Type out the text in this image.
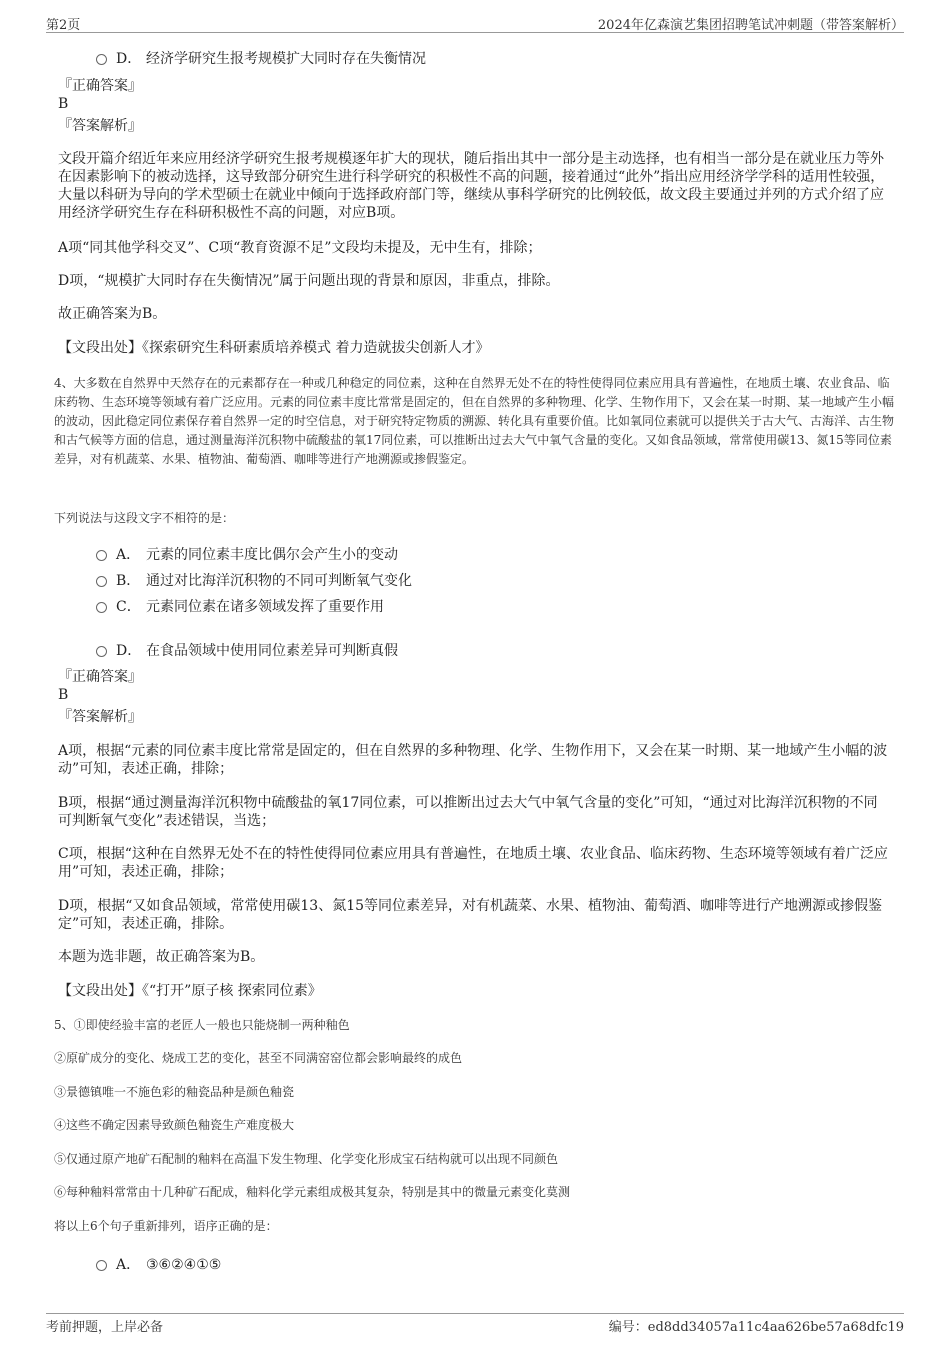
第2页	2024年亿森演艺集团招聘笔试冲刺题（带答案解析）
D． 经济学研究生报考规模扩大同时存在失衡情况
『正确答案』
B
『答案解析』
文段开篇介绍近年来应用经济学研究生报考规模逐年扩大的现状，随后指出其中一部分是主动选择，也有相当一部分是在就业压力等外在因素影响下的被动选择，这导致部分研究生进行科学研究的积极性不高的问题，接着通过“此外”指出应用经济学学科的适用性较强，大量以科研为导向的学术型硕士在就业中倾向于选择政府部门等，继续从事科学研究的比例较低，故文段主要通过并列的方式介绍了应用经济学研究生存在科研积极性不高的问题，对应B项。
A项“同其他学科交叉”、C项“教育资源不足”文段均未提及，无中生有，排除；
D项，“规模扩大同时存在失衡情况”属于问题出现的背景和原因，非重点，排除。
故正确答案为B。
【文段出处】《探索研究生科研素质培养模式 着力造就拔尖创新人才》
4、大多数在自然界中天然存在的元素都存在一种或几种稳定的同位素，这种在自然界无处不在的特性使得同位素应用具有普遍性，在地质土壤、农业食品、临床药物、生态环境等领域有着广泛应用。元素的同位素丰度比常常是固定的，但在自然界的多种物理、化学、生物作用下，又会在某一时期、某一地域产生小幅的波动，因此稳定同位素保存着自然界一定的时空信息，对于研究特定物质的溯源、转化具有重要价值。比如氧同位素就可以提供关于古大气、古海洋、古生物和古气候等方面的信息，通过测量海洋沉积物中硫酸盐的氧17同位素，可以推断出过去大气中氧气含量的变化。又如食品领域，常常使用碳13、氮15等同位素差异，对有机蔬菜、水果、植物油、葡萄酒、咖啡等进行产地溯源或掺假鉴定。
下列说法与这段文字不相符的是：
A． 元素的同位素丰度比偶尔会产生小的变动
B． 通过对比海洋沉积物的不同可判断氧气变化
C． 元素同位素在诸多领域发挥了重要作用
D． 在食品领域中使用同位素差异可判断真假
『正确答案』
B
『答案解析』
A项，根据“元素的同位素丰度比常常是固定的，但在自然界的多种物理、化学、生物作用下，又会在某一时期、某一地域产生小幅的波动”可知，表述正确，排除；
B项，根据“通过测量海洋沉积物中硫酸盐的氧17同位素，可以推断出过去大气中氧气含量的变化”可知，“通过对比海洋沉积物的不同可判断氧气变化”表述错误，当选；
C项，根据“这种在自然界无处不在的特性使得同位素应用具有普遍性，在地质土壤、农业食品、临床药物、生态环境等领域有着广泛应用”可知，表述正确，排除；
D项，根据“又如食品领域，常常使用碳13、氮15等同位素差异，对有机蔬菜、水果、植物油、葡萄酒、咖啡等进行产地溯源或掺假鉴定”可知，表述正确，排除。
本题为选非题，故正确答案为B。
【文段出处】《“打开”原子核 探索同位素》
5、①即使经验丰富的老匠人一般也只能烧制一两种釉色
②原矿成分的变化、烧成工艺的变化，甚至不同满窑窑位都会影响最终的成色
③景德镇唯一不施色彩的釉瓷品种是颜色釉瓷
④这些不确定因素导致颜色釉瓷生产难度极大
⑤仅通过原产地矿石配制的釉料在高温下发生物理、化学变化形成宝石结构就可以出现不同颜色
⑥每种釉料常常由十几种矿石配成，釉料化学元素组成极其复杂，特别是其中的微量元素变化莫测
将以上6个句子重新排列，语序正确的是：
A． ③⑥②④①⑤
考前押题，上岸必备	编号：ed8dd34057a11c4aa626be57a68dfc19
